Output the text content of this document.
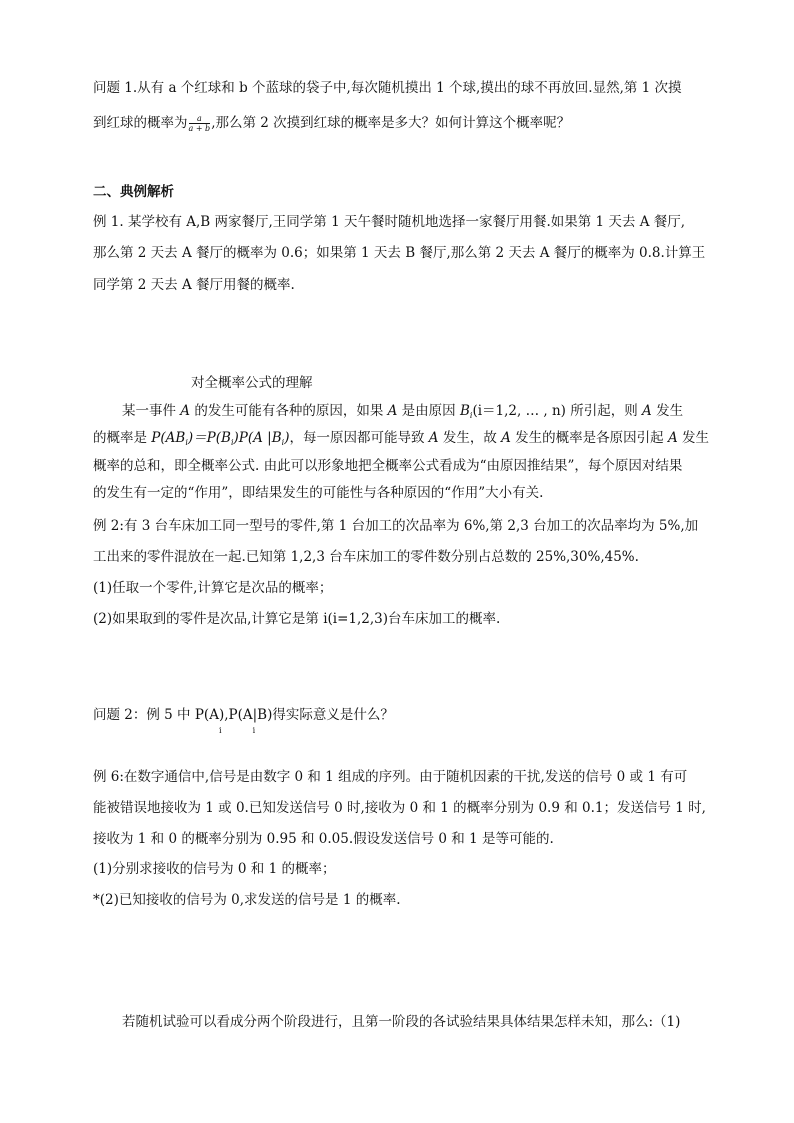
问题 1.从有 a 个红球和 b 个蓝球的袋子中,每次随机摸出 1 个球,摸出的球不再放回.显然,第 1 次摸
到红球的概率为 $\frac{a}{a + b}$ ,那么第 2 次摸到红球的概率是多大？如何计算这个概率呢？
二、典例解析
例 1. 某学校有 A,B 两家餐厅,王同学第 1 天午餐时随机地选择一家餐厅用餐.如果第 1 天去 A 餐厅,
那么第 2 天去 A 餐厅的概率为 0.6；如果第 1 天去 B 餐厅,那么第 2 天去 A 餐厅的概率为 0.8.计算王
同学第 2 天去 A 餐厅用餐的概率.
对全概率公式的理解
某一事件 A 的发生可能有各种的原因，如果 A 是由原因 $B_i(i=1,2$, … , n) 所引起，则 A 发生
的概率是 $P(AB_i)=P(B_i)P(A$ $|B_i$)，每一原因都可能导致 A 发生，故 A 发生的概率是各原因引起 A 发生
概率的总和，即全概率公式. 由此可以形象地把全概率公式看成为“由原因推结果”，每个原因对结果
的发生有一定的“作用”，即结果发生的可能性与各种原因的“作用”大小有关.
例 2:有 3 台车床加工同一型号的零件,第 1 台加工的次品率为 6%,第 2,3 台加工的次品率均为 5%,加
工出来的零件混放在一起.已知第 1,2,3 台车床加工的零件数分别占总数的 25%,30%,45%.
(1)任取一个零件,计算它是次品的概率；
(2)如果取到的零件是次品,计算它是第 i(i=1,2,3)台车床加工的概率.
问题 2：例 5 中 P(A
i
),P(A
i
|B)得实际意义是什么？
例 6:在数字通信中,信号是由数字 0 和 1 组成的序列。由于随机因素的干扰,发送的信号 0 或 1 有可
能被错误地接收为 1 或 0.已知发送信号 0 时,接收为 0 和 1 的概率分别为 0.9 和 0.1；发送信号 1 时,
接收为 1 和 0 的概率分别为 0.95 和 0.05.假设发送信号 0 和 1 是等可能的.
(1)分别求接收的信号为 0 和 1 的概率；
*(2)已知接收的信号为 0,求发送的信号是 1 的概率.
若随机试验可以看成分两个阶段进行，且第一阶段的各试验结果具体结果怎样未知，那么:（1)
